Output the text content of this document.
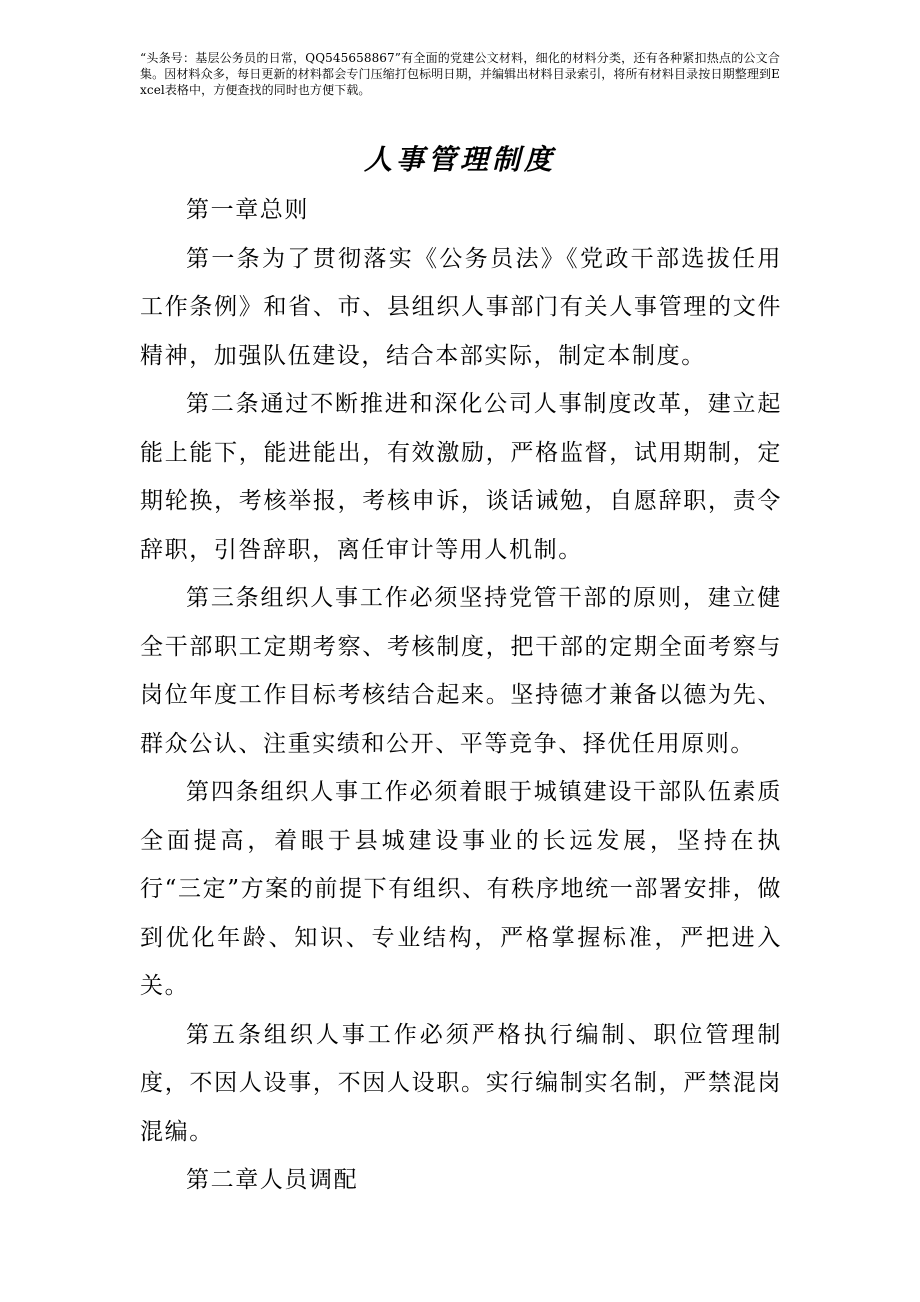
“头条号：基层公务员的日常，QQ545658867”有全面的党建公文材料，细化的材料分类，还有各种紧扣热点的公文合集。因材料众多，每日更新的材料都会专门压缩打包标明日期，并编辑出材料目录索引，将所有材料目录按日期整理到Excel表格中，方便查找的同时也方便下载。
人事管理制度

第一章总则

第一条为了贯彻落实《公务员法》《党政干部选拔任用工作条例》和省、市、县组织人事部门有关人事管理的文件精神，加强队伍建设，结合本部实际，制定本制度。

第二条通过不断推进和深化公司人事制度改革，建立起能上能下，能进能出，有效激励，严格监督，试用期制，定期轮换，考核举报，考核申诉，谈话诫勉，自愿辞职，责令辞职，引咎辞职，离任审计等用人机制。

第三条组织人事工作必须坚持党管干部的原则，建立健全干部职工定期考察、考核制度，把干部的定期全面考察与岗位年度工作目标考核结合起来。坚持德才兼备以德为先、群众公认、注重实绩和公开、平等竞争、择优任用原则。

第四条组织人事工作必须着眼于城镇建设干部队伍素质全面提高，着眼于县城建设事业的长远发展，坚持在执行“三定”方案的前提下有组织、有秩序地统一部署安排，做到优化年龄、知识、专业结构，严格掌握标准，严把进入关。

第五条组织人事工作必须严格执行编制、职位管理制度，不因人设事，不因人设职。实行编制实名制，严禁混岗混编。

第二章人员调配
